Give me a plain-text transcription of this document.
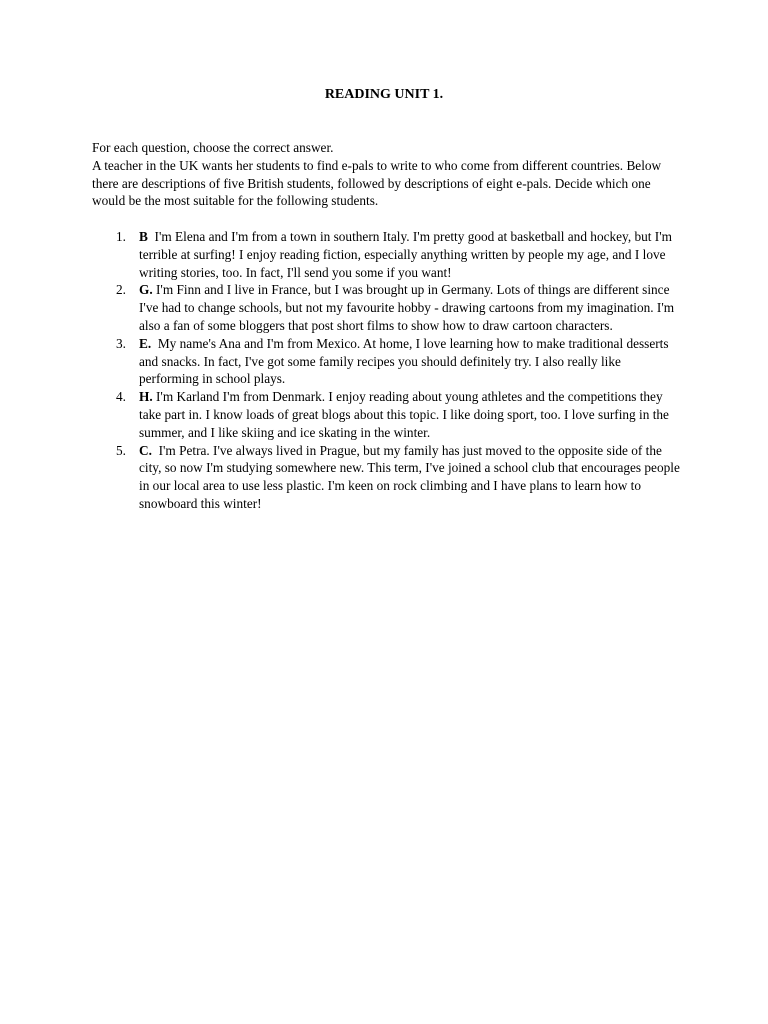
READING UNIT 1.

For each question, choose the correct answer.

A teacher in the UK wants her students to find e-pals to write to who come from different countries. Below there are descriptions of five British students, followed by descriptions of eight e-pals. Decide which one would be the most suitable for the following students.

1. B I'm Elena and I'm from a town in southern Italy. I'm pretty good at basketball and hockey, but I'm terrible at surfing! I enjoy reading fiction, especially anything written by people my age, and I love writing stories, too. In fact, I'll send you some if you want!
2. G. I'm Finn and I live in France, but I was brought up in Germany. Lots of things are different since I've had to change schools, but not my favourite hobby - drawing cartoons from my imagination. I'm also a fan of some bloggers that post short films to show how to draw cartoon characters.
3. E. My name's Ana and I'm from Mexico. At home, I love learning how to make traditional desserts and snacks. In fact, I've got some family recipes you should definitely try. I also really like performing in school plays.
4. H. I'm Karland I'm from Denmark. I enjoy reading about young athletes and the competitions they take part in. I know loads of great blogs about this topic. I like doing sport, too. I love surfing in the summer, and I like skiing and ice skating in the winter.
5. C. I'm Petra. I've always lived in Prague, but my family has just moved to the opposite side of the city, so now I'm studying somewhere new. This term, I've joined a school club that encourages people in our local area to use less plastic. I'm keen on rock climbing and I have plans to learn how to snowboard this winter!
